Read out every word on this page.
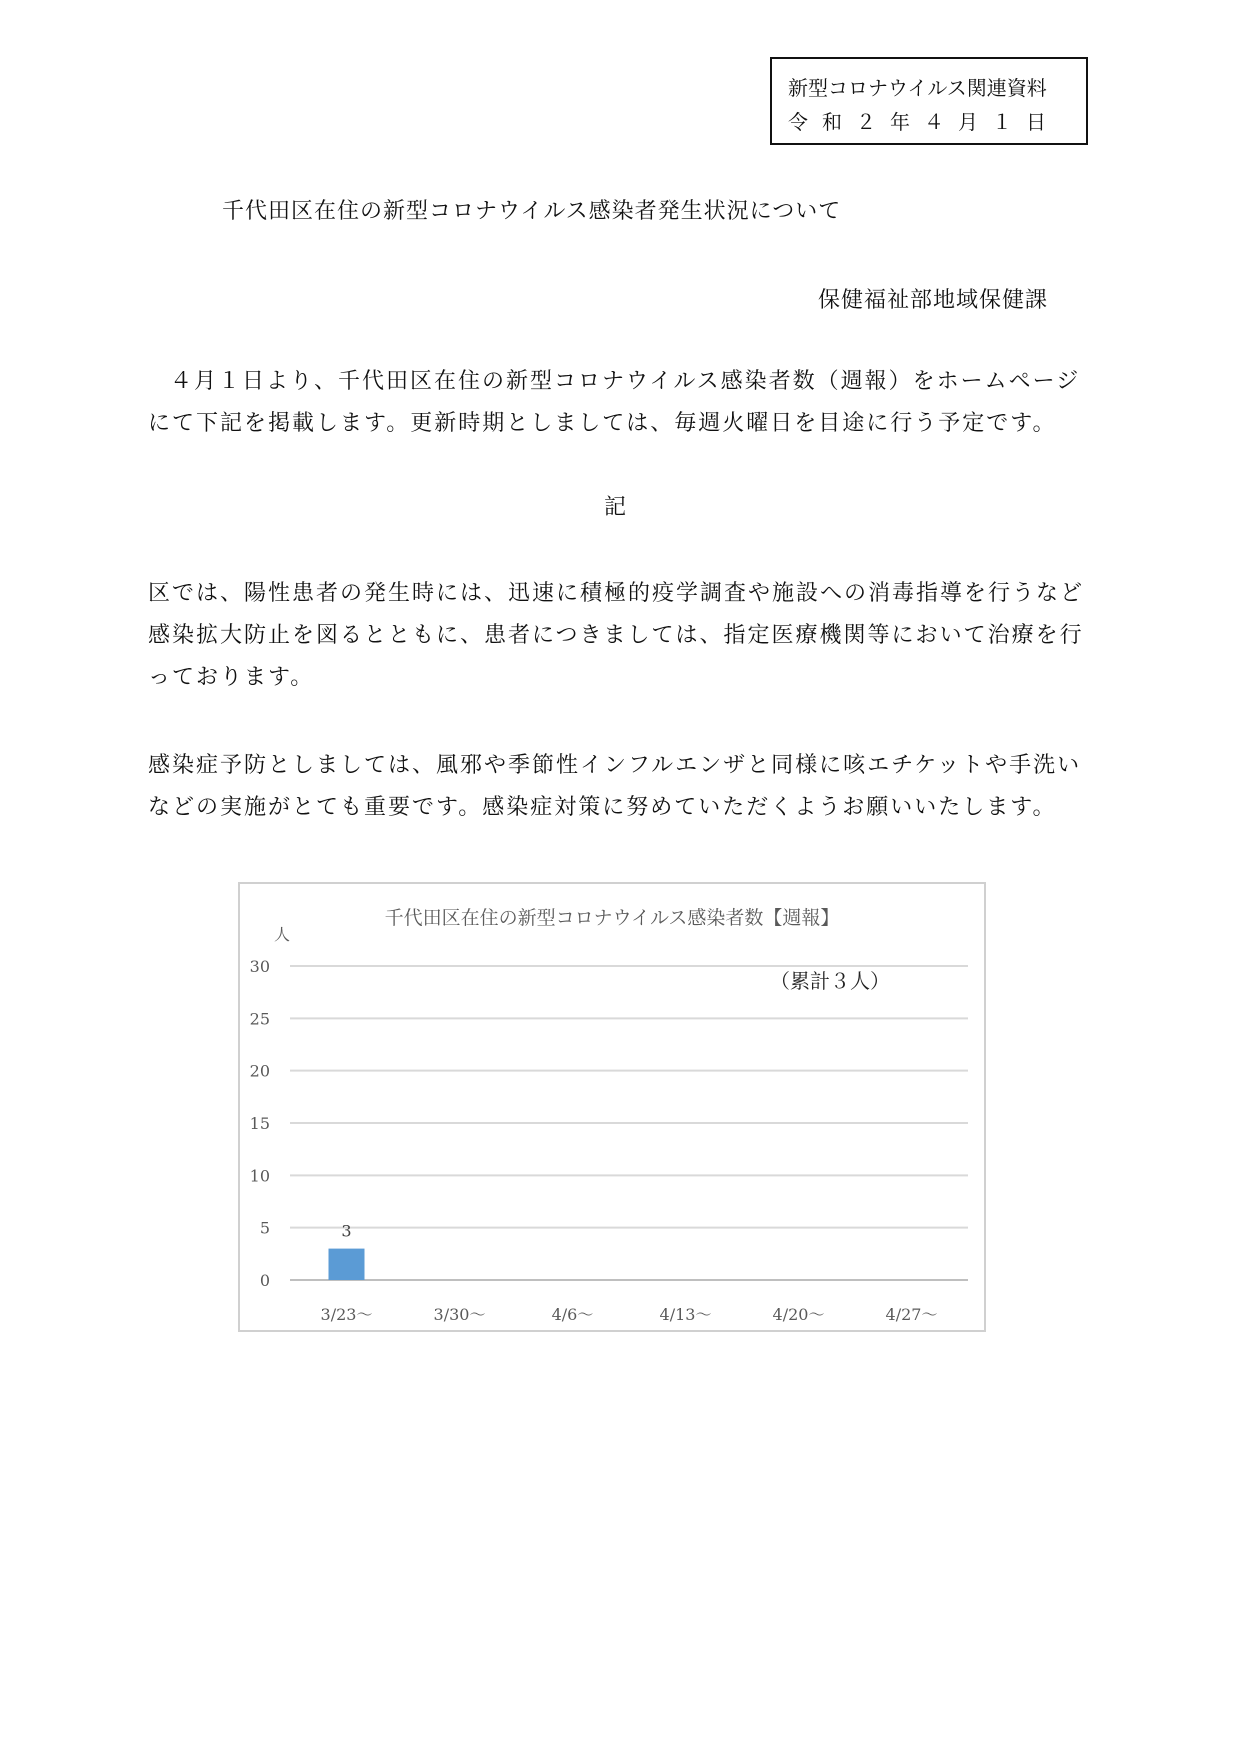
新型コロナウイルス関連資料
令和２年４月１日
千代田区在住の新型コロナウイルス感染者発生状況について
保健福祉部地域保健課

４月１日より、千代田区在住の新型コロナウイルス感染者数（週報）をホームページにて下記を掲載します。更新時期としましては、毎週火曜日を目途に行う予定です。

記

区では、陽性患者の発生時には、迅速に積極的疫学調査や施設への消毒指導を行うなど感染拡大防止を図るとともに、患者につきましては、指定医療機関等において治療を行っております。

感染症予防としましては、風邪や季節性インフルエンザと同様に咳エチケットや手洗いなどの実施がとても重要です。感染症対策に努めていただくようお願いいたします。

千代田区在住の新型コロナウイルス感染者数【週報】
人
（累計３人）
0
5
10
15
20
25
30
3
3/23～	3/30～	4/6～	4/13～	4/20～	4/27～
